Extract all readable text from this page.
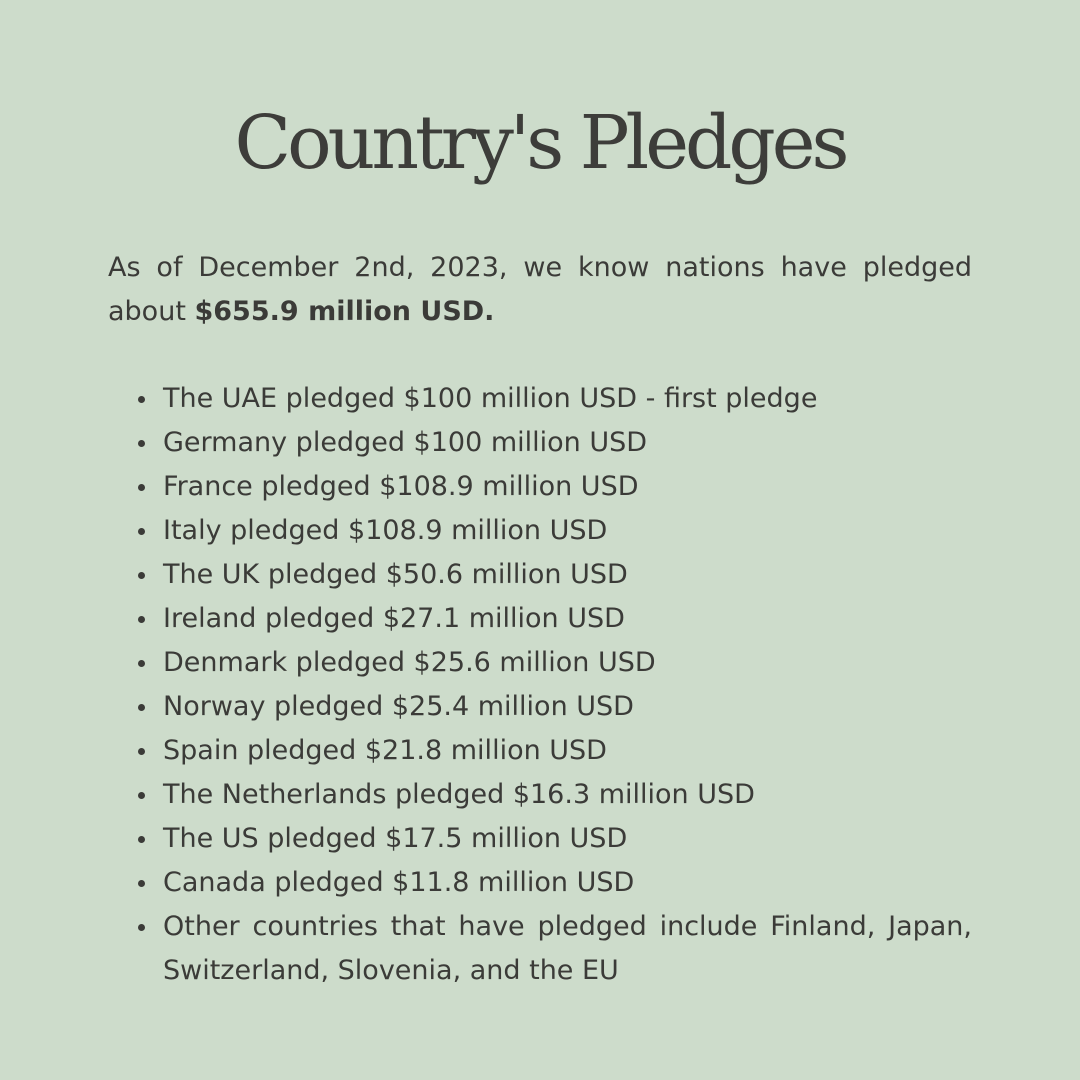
Country's Pledges

As of December 2nd, 2023, we know nations have pledged about $655.9 million USD.

The UAE pledged $100 million USD - first pledge
Germany pledged $100 million USD
France pledged $108.9 million USD
Italy pledged $108.9 million USD
The UK pledged $50.6 million USD
Ireland pledged $27.1 million USD
Denmark pledged $25.6 million USD
Norway pledged $25.4 million USD
Spain pledged $21.8 million USD
The Netherlands pledged $16.3 million USD
The US pledged $17.5 million USD
Canada pledged $11.8 million USD
Other countries that have pledged include Finland, Japan, Switzerland, Slovenia, and the EU
